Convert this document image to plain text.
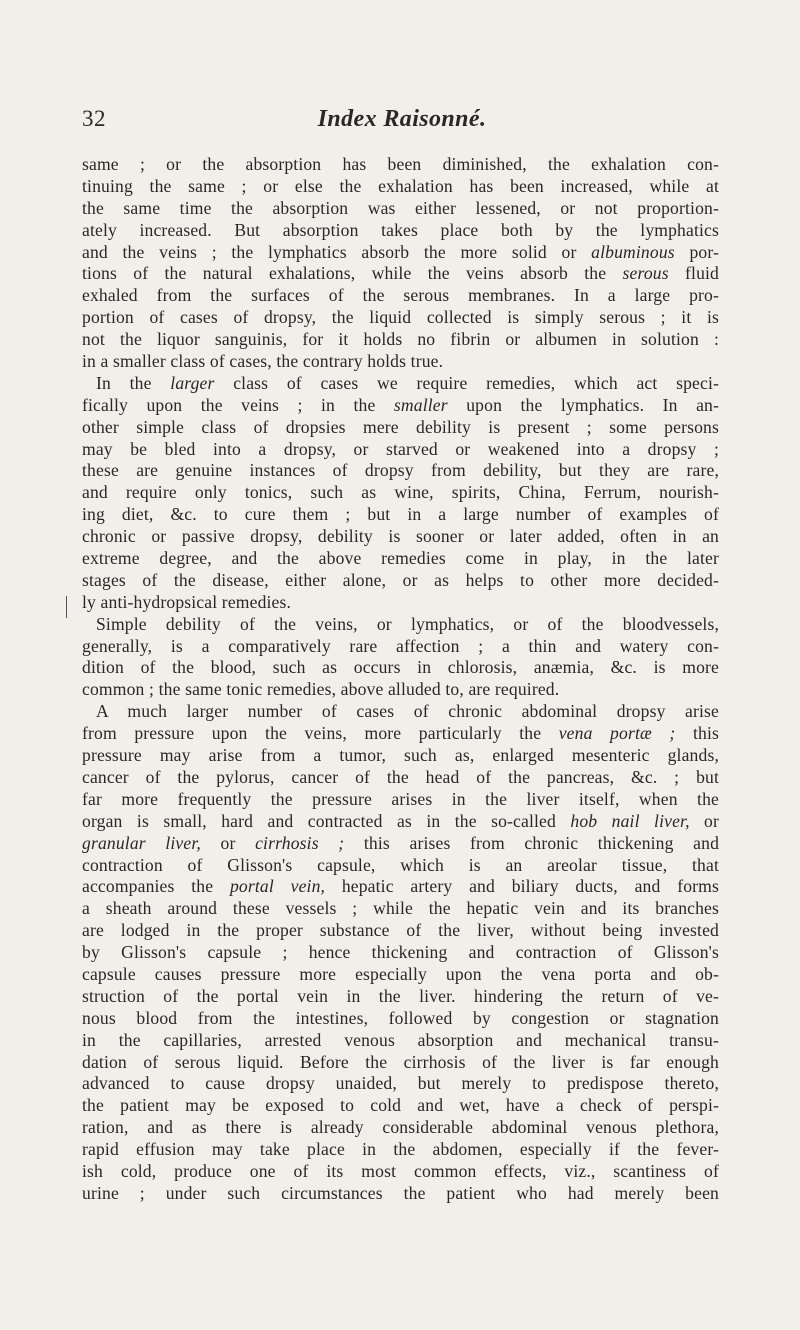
32	Index Raisonné.
same ; or the absorption has been diminished, the exhalation con-
tinuing the same ; or else the exhalation has been increased, while at
the same time the absorption was either lessened, or not proportion-
ately increased. But absorption takes place both by the lymphatics
and the veins ; the lymphatics absorb the more solid or albuminous por-
tions of the natural exhalations, while the veins absorb the serous fluid
exhaled from the surfaces of the serous membranes. In a large pro-
portion of cases of dropsy, the liquid collected is simply serous ; it is
not the liquor sanguinis, for it holds no fibrin or albumen in solution :
in a smaller class of cases, the contrary holds true.
In the larger class of cases we require remedies, which act speci-
fically upon the veins ; in the smaller upon the lymphatics. In an-
other simple class of dropsies mere debility is present ; some persons
may be bled into a dropsy, or starved or weakened into a dropsy ;
these are genuine instances of dropsy from debility, but they are rare,
and require only tonics, such as wine, spirits, China, Ferrum, nourish-
ing diet, &c. to cure them ; but in a large number of examples of
chronic or passive dropsy, debility is sooner or later added, often in an
extreme degree, and the above remedies come in play, in the later
stages of the disease, either alone, or as helps to other more decided-
ly anti-hydropsical remedies.
Simple debility of the veins, or lymphatics, or of the bloodvessels,
generally, is a comparatively rare affection ; a thin and watery con-
dition of the blood, such as occurs in chlorosis, anæmia, &c. is more
common ; the same tonic remedies, above alluded to, are required.
A much larger number of cases of chronic abdominal dropsy arise
from pressure upon the veins, more particularly the vena portæ ; this
pressure may arise from a tumor, such as, enlarged mesenteric glands,
cancer of the pylorus, cancer of the head of the pancreas, &c. ; but
far more frequently the pressure arises in the liver itself, when the
organ is small, hard and contracted as in the so-called hob nail liver, or
granular liver, or cirrhosis ; this arises from chronic thickening and
contraction of Glisson's capsule, which is an areolar tissue, that
accompanies the portal vein, hepatic artery and biliary ducts, and forms
a sheath around these vessels ; while the hepatic vein and its branches
are lodged in the proper substance of the liver, without being invested
by Glisson's capsule ; hence thickening and contraction of Glisson's
capsule causes pressure more especially upon the vena porta and ob-
struction of the portal vein in the liver. hindering the return of ve-
nous blood from the intestines, followed by congestion or stagnation
in the capillaries, arrested venous absorption and mechanical transu-
dation of serous liquid. Before the cirrhosis of the liver is far enough
advanced to cause dropsy unaided, but merely to predispose thereto,
the patient may be exposed to cold and wet, have a check of perspi-
ration, and as there is already considerable abdominal venous plethora,
rapid effusion may take place in the abdomen, especially if the fever-
ish cold, produce one of its most common effects, viz., scantiness of
urine ; under such circumstances the patient who had merely been
